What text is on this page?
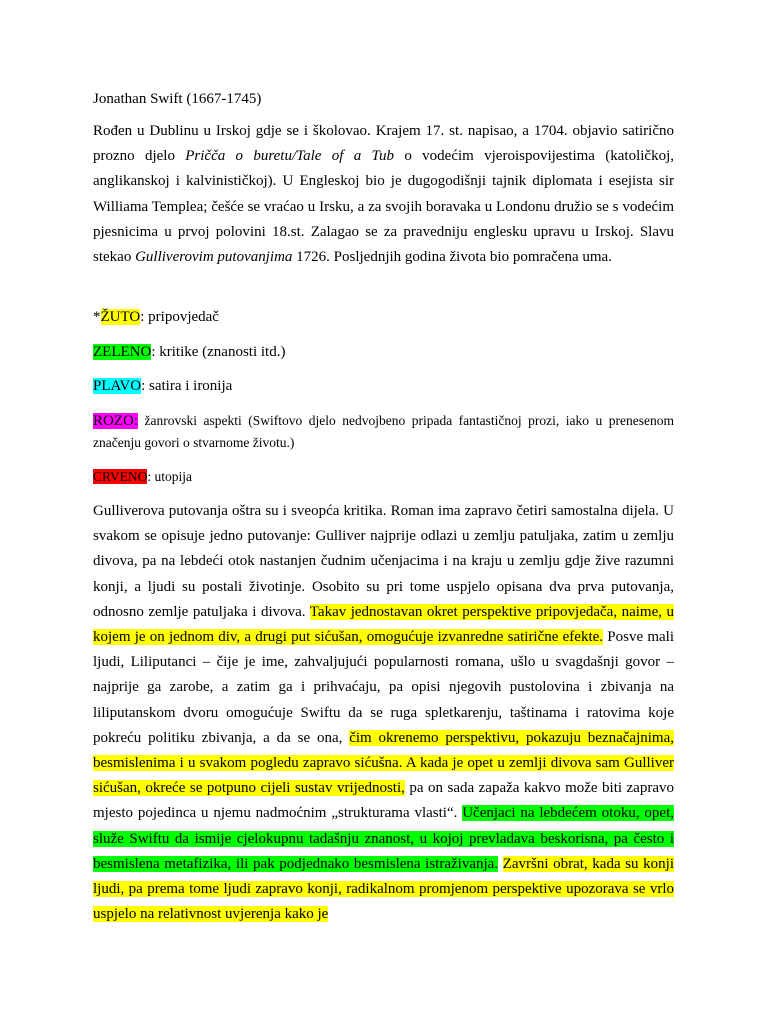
Jonathan Swift (1667-1745)

Rođen u Dublinu u Irskoj gdje se i školovao. Krajem 17. st. napisao, a 1704. objavio satirično prozno djelo Pričča o buretu/Tale of a Tub o vodećim vjeroispovijestima (katoličkoj, anglikanskoj i kalvinističkoj). U Engleskoj bio je dugogodišnji tajnik diplomata i esejista sir Williama Templea; češće se vraćao u Irsku, a za svojih boravaka u Londonu družio se s vodećim pjesnicima u prvoj polovini 18.st. Zalagao se za pravedniju englesku upravu u Irskoj. Slavu stekao Gulliverovim putovanjima 1726. Posljednjih godina života bio pomračena uma.

*ŽUTO: pripovjedač

ZELENO: kritike (znanosti itd.)

PLAVO: satira i ironija

ROZO: žanrovski aspekti (Swiftovo djelo nedvojbeno pripada fantastičnoj prozi, iako u prenesenom značenju govori o stvarnome životu.)

CRVENO: utopija

Gulliverova putovanja oštra su i sveopća kritika. Roman ima zapravo četiri samostalna dijela. U svakom se opisuje jedno putovanje: Gulliver najprije odlazi u zemlju patuljaka, zatim u zemlju divova, pa na lebdeći otok nastanjen čudnim učenjacima i na kraju u zemlju gdje žive razumni konji, a ljudi su postali životinje. Osobito su pri tome uspjelo opisana dva prva putovanja, odnosno zemlje patuljaka i divova. Takav jednostavan okret perspektive pripovjedača, naime, u kojem je on jednom div, a drugi put sićušan, omogućuje izvanredne satirične efekte. Posve mali ljudi, Liliputanci – čije je ime, zahvaljujući popularnosti romana, ušlo u svagdašnji govor – najprije ga zarobe, a zatim ga i prihvaćaju, pa opisi njegovih pustolovina i zbivanja na liliputanskom dvoru omogućuje Swiftu da se ruga spletkarenju, taštinama i ratovima koje pokreću politiku zbivanja, a da se ona, čim okrenemo perspektivu, pokazuju beznačajnima, besmislenima i u svakom pogledu zapravo sićušna. A kada je opet u zemlji divova sam Gulliver sićušan, okreće se potpuno cijeli sustav vrijednosti, pa on sada zapaža kakvo može biti zapravo mjesto pojedinca u njemu nadmoćnim „strukturama vlasti“. Učenjaci na lebdećem otoku, opet, služe Swiftu da ismije cjelokupnu tadašnju znanost, u kojoj prevladava beskorisna, pa često i besmislena metafizika, ili pak podjednako besmislena istraživanja. Završni obrat, kada su konji ljudi, pa prema tome ljudi zapravo konji, radikalnom promjenom perspektive upozorava se vrlo uspjelo na relativnost uvjerenja kako je
